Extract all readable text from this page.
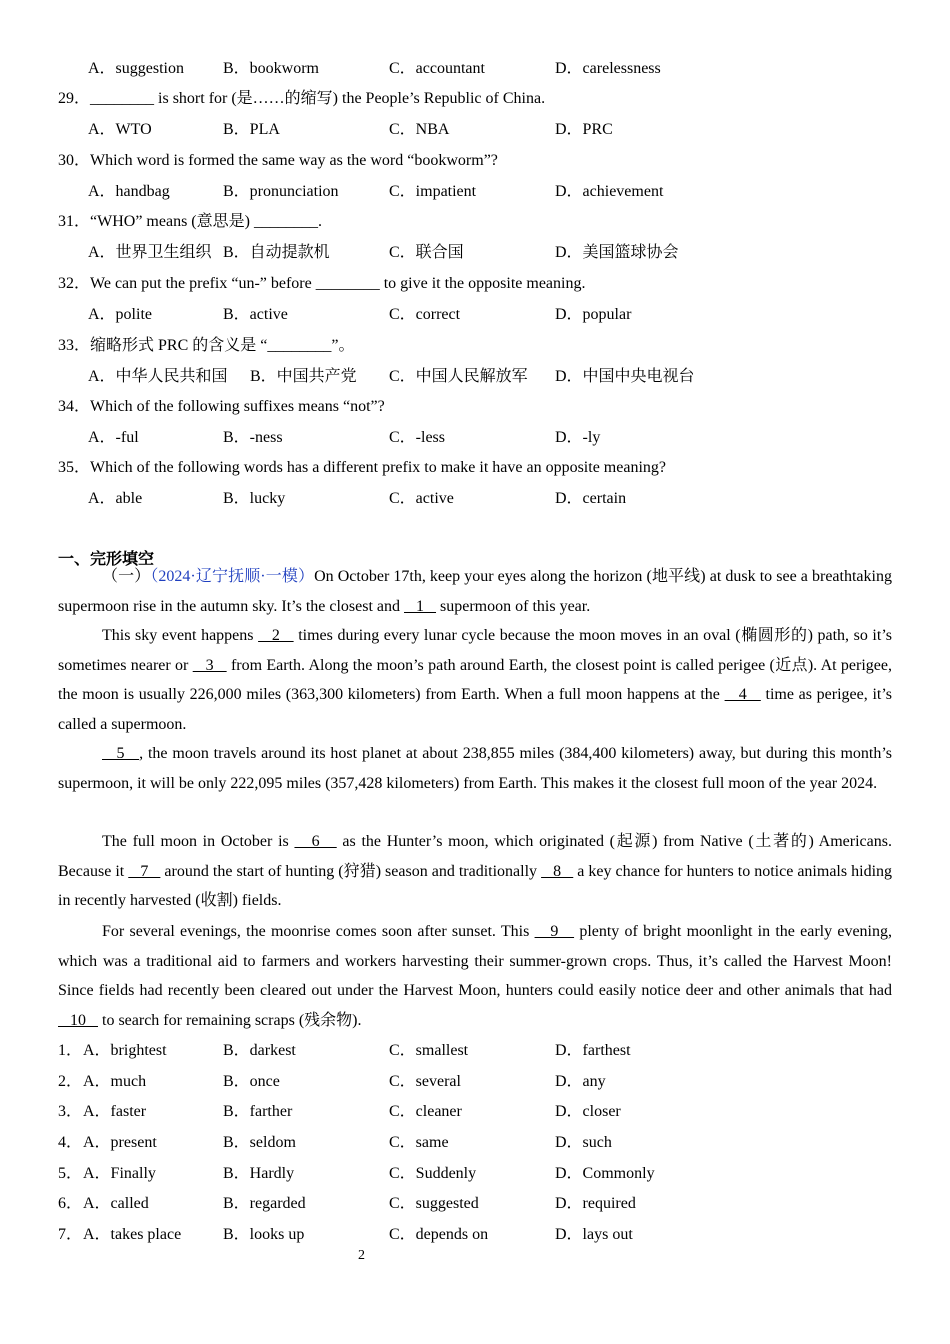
A．suggestion B．bookworm	C．accountant	D．carelessness
29．________ is short for (是……的缩写) the People’s Republic of China.
A．WTO	B．PLA	C．NBA	D．PRC
30．Which word is formed the same way as the word “bookworm”?
A．handbag	B．pronunciation	C．impatient	D．achievement
31．“WHO” means (意思是) ________.
A．世界卫生组织 B．自动提款机	C．联合国	D．美国篮球协会
32．We can put the prefix “un-” before ________ to give it the opposite meaning.
A．polite	B．active	C．correct	D．popular
33．缩略形式 PRC 的含义是 “________”。
A．中华人民共和国 B．中国共产党 C．中国人民解放军 D．中国中央电视台
34．Which of the following suffixes means “not”?
A．-ful	B．-ness	C．-less	D．-ly
35．Which of the following words has a different prefix to make it have an opposite meaning?
A．able	B．lucky	C．active	D．certain
一、完形填空
（一）（2024·辽宁抚顺·一模）On October 17th, keep your eyes along the horizon (地平线) at dusk to see a breathtaking supermoon rise in the autumn sky. It’s the closest and    1    supermoon of this year.
This sky event happens    2    times during every lunar cycle because the moon moves in an oval (椭圆形的) path, so it’s sometimes nearer or    3    from Earth. Along the moon’s path around Earth, the closest point is called perigee (近点). At perigee, the moon is usually 226,000 miles (363,300 kilometers) from Earth. When a full moon happens at the    4    time as perigee, it’s called a supermoon.
5   , the moon travels around its host planet at about 238,855 miles (384,400 kilometers) away, but during this month’s supermoon, it will be only 222,095 miles (357,428 kilometers) from Earth. This makes it the closest full moon of the year 2024.
The full moon in October is    6    as the Hunter’s moon, which originated (起源) from Native (土著的) Americans. Because it    7    around the start of hunting (狩猎) season and traditionally    8    a key chance for hunters to notice animals hiding in recently harvested (收割) fields.
For several evenings, the moonrise comes soon after sunset. This    9    plenty of bright moonlight in the early evening, which was a traditional aid to farmers and workers harvesting their summer-grown crops. Thus, it’s called the Harvest Moon! Since fields had recently been cleared out under the Harvest Moon, hunters could easily notice deer and other animals that had    10    to search for remaining scraps (残余物).
1． A．brightest	B．darkest	C．smallest	D．farthest
2． A．much	B．once	C．several	D．any
3． A．faster	B．farther	C．cleaner	D．closer
4． A．present	B．seldom	C．same	D．such
5． A．Finally	B．Hardly	C．Suddenly	D．Commonly
6． A．called	B．regarded	C．suggested	D．required
7． A．takes place	B．looks up	C．depends on	D．lays out
2
